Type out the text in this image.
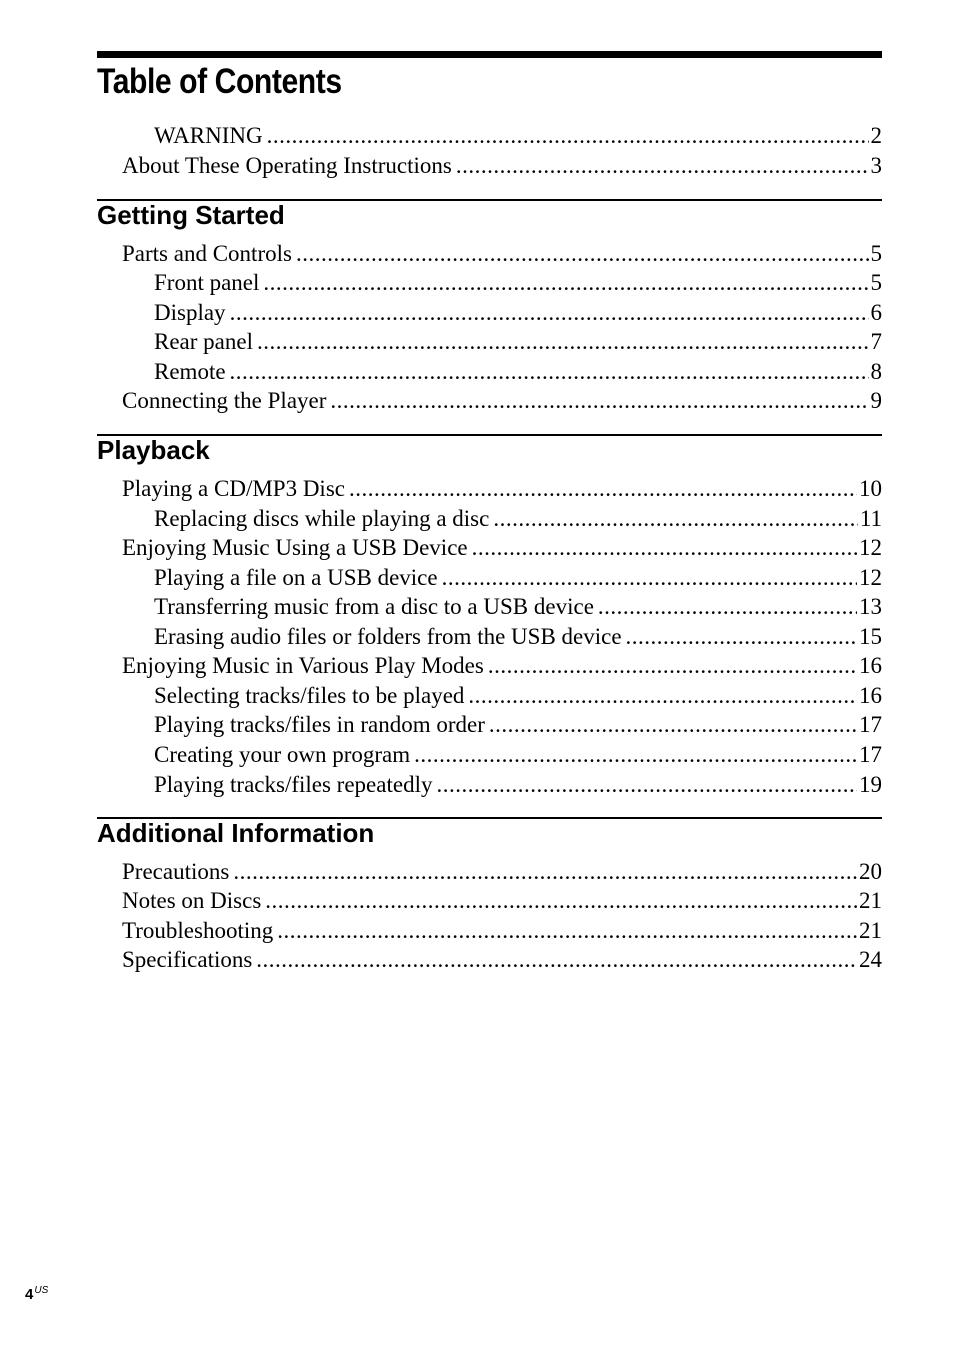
Table of Contents
WARNING .....	2
About These Operating Instructions .....	3
Getting Started
Parts and Controls .....	5
Front panel .....	5
Display .....	6
Rear panel .....	7
Remote .....	8
Connecting the Player .....	9
Playback
Playing a CD/MP3 Disc .....	10
Replacing discs while playing a disc .....	11
Enjoying Music Using a USB Device .....	12
Playing a file on a USB device .....	12
Transferring music from a disc to a USB device .....	13
Erasing audio files or folders from the USB device .....	15
Enjoying Music in Various Play Modes .....	16
Selecting tracks/files to be played .....	16
Playing tracks/files in random order .....	17
Creating your own program .....	17
Playing tracks/files repeatedly .....	19
Additional Information
Precautions .....	20
Notes on Discs .....	21
Troubleshooting .....	21
Specifications .....	24
$4^{US}$
